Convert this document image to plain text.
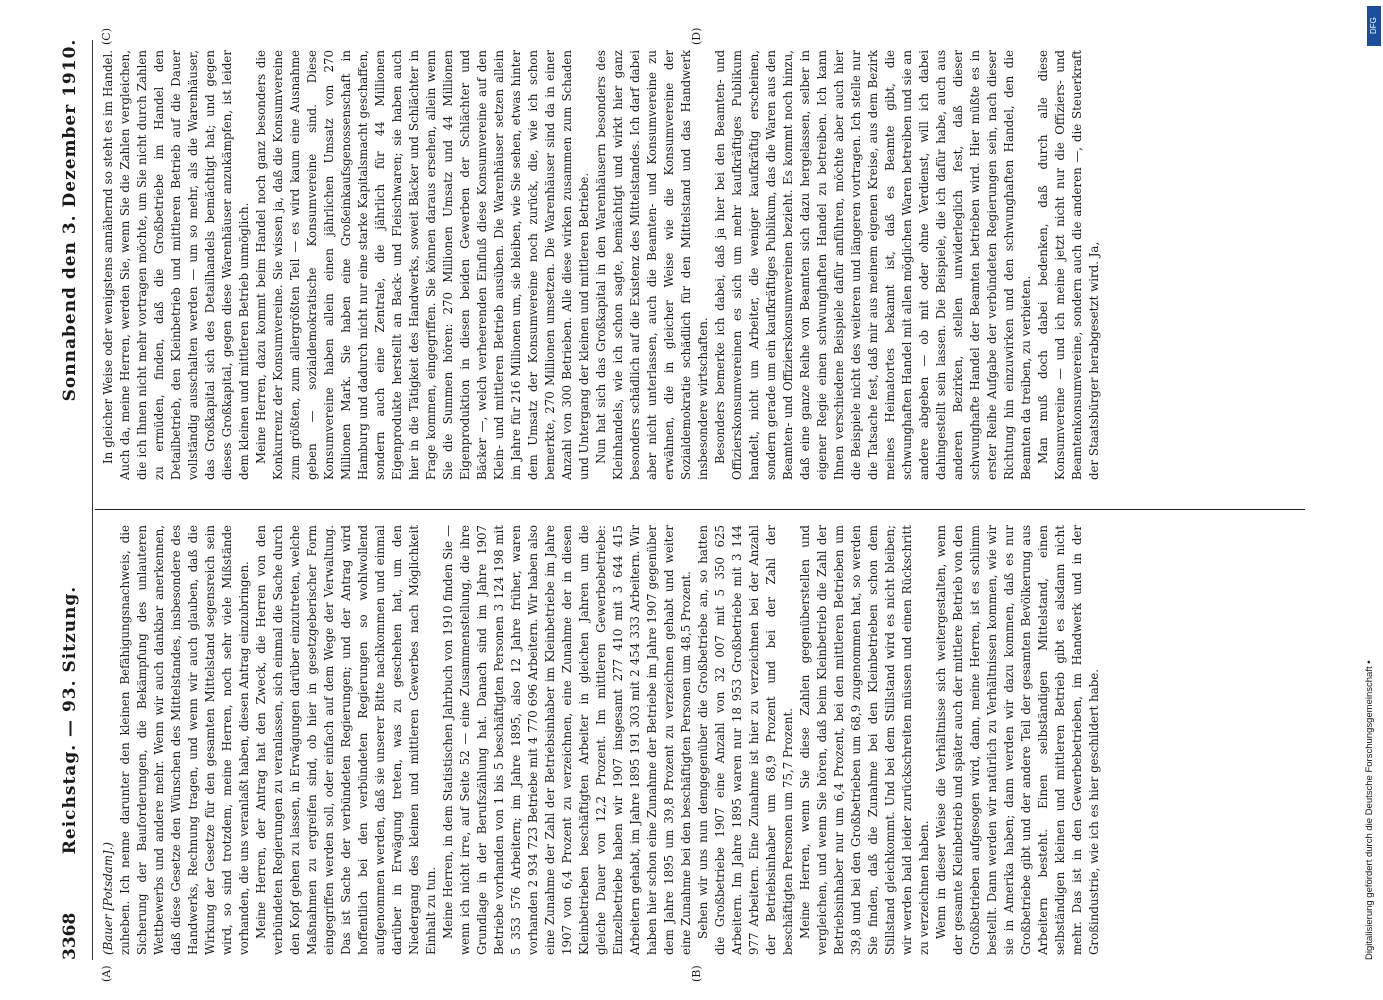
3368
Reichstag. — 93. Sitzung.
Sonnabend den 3. Dezember 1910.
(A)	(B)
(C)	(D)

(Bauer [Potsdam].) zuheben. Ich nenne darunter den kleinen Befähigungsnachweis, die Sicherung der Bauforderungen, die Bekämpfung des unlauteren Wettbewerbs und andere mehr. Wenn wir auch dankbar anerkennen, daß diese Gesetze den Wünschen des Mittelstandes, insbesondere des Handwerks, Rechnung tragen, und wenn wir auch glauben, daß die Wirkung der Gesetze für den gesamten Mittelstand segensreich sein wird, so sind trotzdem, meine Herren, noch sehr viele Mißstände vorhanden, die uns veranlaßt haben, diesen Antrag einzubringen. Meine Herren, der Antrag hat den Zweck, die Herren von den verbündeten Regierungen zu veranlassen, sich einmal die Sache durch den Kopf gehen zu lassen, in Erwägungen darüber einzutreten, welche Maßnahmen zu ergreifen sind, ob hier in gesetzgeberischer Form eingegriffen werden soll, oder einfach auf dem Wege der Verwaltung. Das ist Sache der verbündeten Regierungen; und der Antrag wird hoffentlich bei den verbündeten Regierungen so wohlwollend aufgenommen werden, daß sie unserer Bitte nachkommen und einmal darüber in Erwägung treten, was zu geschehen hat, um den Niedergang des kleinen und mittleren Gewerbes nach Möglichkeit Einhalt zu tun. Meine Herren, in dem Statistischen Jahrbuch von 1910 finden Sie — wenn ich nicht irre, auf Seite 52 — eine Zusammenstellung, die ihre Grundlage in der Berufszählung hat. Danach sind im Jahre 1907 Betriebe vorhanden von 1 bis 5 beschäftigten Personen 3 124 198 mit 5 353 576 Arbeitern; im Jahre 1895, also 12 Jahre früher, waren vorhanden 2 934 723 Betriebe mit 4 770 696 Arbeitern. Wir haben also eine Zunahme der Zahl der Betriebsinhaber im Kleinbetriebe im Jahre 1907 von 6,4 Prozent zu verzeichnen, eine Zunahme der in diesen Kleinbetrieben beschäftigten Arbeiter in gleichen Jahren um die gleiche Dauer von 12,2 Prozent. Im mittleren Gewerbebetriebe: Einzelbetriebe haben wir 1907 insgesamt 277 410 mit 3 644 415 Arbeitern gehabt, im Jahre 1895 191 303 mit 2 454 333 Arbeitern. Wir haben hier schon eine Zunahme der Betriebe im Jahre 1907 gegenüber dem Jahre 1895 um 39,8 Prozent zu verzeichnen gehabt und weiter eine Zunahme bei den beschäftigten Personen um 48,5 Prozent. Sehen wir uns nun demgegenüber die Großbetriebe an, so hatten die Großbetriebe 1907 eine Anzahl von 32 007 mit 5 350 625 Arbeitern. Im Jahre 1895 waren nur 18 953 Großbetriebe mit 3 144 977 Arbeitern. Eine Zunahme ist hier zu verzeichnen bei der Anzahl der Betriebsinhaber um 68,9 Prozent und bei der Zahl der beschäftigten Personen um 75,7 Prozent. Meine Herren, wenn Sie diese Zahlen gegenüberstellen und vergleichen, und wenn Sie hören, daß beim Kleinbetrieb die Zahl der Betriebsinhaber nur um 6,4 Prozent, bei den mittleren Betrieben um 39,8 und bei den Großbetrieben um 68,9 zugenommen hat, so werden Sie finden, daß die Zunahme bei den Kleinbetrieben schon dem Stillstand gleichkommt. Und bei dem Stillstand wird es nicht bleiben; wir werden bald leider zurückschreiten müssen und einen Rückschritt zu verzeichnen haben. Wenn in dieser Weise die Verhältnisse sich weitergestalten, wenn der gesamte Kleinbetrieb und später auch der mittlere Betrieb von den Großbetrieben aufgesogen wird, dann, meine Herren, ist es schlimm bestellt. Dann werden wir natürlich zu Verhältnissen kommen, wie wir sie in Amerika haben; dann werden wir dazu kommen, daß es nur Großbetriebe gibt und der andere Teil der gesamten Bevölkerung aus Arbeitern besteht. Einen selbständigen Mittelstand, einen selbständigen kleinen und mittleren Betrieb gibt es alsdann nicht mehr. Das ist in den Gewerbebetrieben, im Handwerk und in der Großindustrie, wie ich es hier geschildert habe.

In gleicher Weise oder wenigstens annähernd so steht es im Handel. Auch da, meine Herren, werden Sie, wenn Sie die Zahlen vergleichen, die ich Ihnen nicht mehr vortragen möchte, um Sie nicht durch Zahlen zu ermüden, finden, daß die Großbetriebe im Handel den Detailbetrieb, den Kleinbetrieb und mittleren Betrieb auf die Dauer vollständig ausschalten werden — um so mehr, als die Warenhäuser, das Großkapital sich des Detailhandels bemächtigt hat; und gegen dieses Großkapital, gegen diese Warenhäuser anzukämpfen, ist leider dem kleinen und mittleren Betrieb unmöglich. Meine Herren, dazu kommt beim Handel noch ganz besonders die Konkurrenz der Konsumvereine. Sie wissen ja, daß die Konsumvereine zum größten, zum allergrößten Teil — es wird kaum eine Ausnahme geben — sozialdemokratische Konsumvereine sind. Diese Konsumvereine haben allein einen jährlichen Umsatz von 270 Millionen Mark. Sie haben eine Großeinkaufsgenossenschaft in Hamburg und dadurch nicht nur eine starke Kapitalsmacht geschaffen, sondern auch eine Zentrale, die jährlich für 44 Millionen Eigenprodukte herstellt an Back- und Fleischwaren; sie haben auch hier in die Tätigkeit des Handwerks, soweit Bäcker und Schlächter in Frage kommen, eingegriffen. Sie können daraus ersehen, allein wenn Sie die Summen hören: 270 Millionen Umsatz und 44 Millionen Eigenproduktion in diesen beiden Gewerben der Schlächter und Bäcker —, welch verheerenden Einfluß diese Konsumvereine auf den Klein- und mittleren Betrieb ausüben. Die Warenhäuser setzen allein im Jahre für 216 Millionen um, sie bleiben, wie Sie sehen, etwas hinter dem Umsatz der Konsumvereine noch zurück, die, wie ich schon bemerkte, 270 Millionen umsetzen. Die Warenhäuser sind da in einer Anzahl von 300 Betrieben. Alle diese wirken zusammen zum Schaden und Untergang der kleinen und mittleren Betriebe. Nun hat sich das Großkapital in den Warenhäusern besonders des Kleinhandels, wie ich schon sagte, bemächtigt und wirkt hier ganz besonders schädlich auf die Existenz des Mittelstandes. Ich darf dabei aber nicht unterlassen, auch die Beamten- und Konsumvereine zu erwähnen, die in gleicher Weise wie die Konsumvereine der Sozialdemokratie schädlich für den Mittelstand und das Handwerk insbesondere wirtschaften. Besonders bemerke ich dabei, daß ja hier bei den Beamten- und Offizierskonsumvereinen es sich um mehr kaufkräftiges Publikum handelt, nicht um Arbeiter, die weniger kaufkräftig erscheinen, sondern gerade um ein kaufkräftiges Publikum, das die Waren aus den Beamten- und Offizierskonsumvereinen bezieht. Es kommt noch hinzu, daß eine ganze Reihe von Beamten sich dazu hergelassen, selber in eigener Regie einen schwunghaften Handel zu betreiben. Ich kann Ihnen verschiedene Beispiele dafür anführen, möchte aber auch hier die Beispiele nicht des weiteren und längeren vortragen. Ich stelle nur die Tatsache fest, daß mir aus meinem eigenen Kreise, aus dem Bezirk meines Heimatortes bekannt ist, daß es Beamte gibt, die schwunghaften Handel mit allen möglichen Waren betreiben und sie an andere abgeben — ob mit oder ohne Verdienst, will ich dabei dahingestellt sein lassen. Die Beispiele, die ich dafür habe, auch aus anderen Bezirken, stellen unwiderleglich fest, daß dieser schwunghafte Handel der Beamten betrieben wird. Hier müßte es in erster Reihe Aufgabe der verbündeten Regierungen sein, nach dieser Richtung hin einzuwirken und den schwunghaften Handel, den die Beamten da treiben, zu verbieten. Man muß doch dabei bedenken, daß durch alle diese Konsumvereine — und ich meine jetzt nicht nur die Offiziers- und Beamtenkonsumvereine, sondern auch die anderen —, die Steuerkraft der Staatsbürger herabgesetzt wird. Ja,

DFG
Digitalisierung gefördert durch die Deutsche Forschungsgemeinschaft •
